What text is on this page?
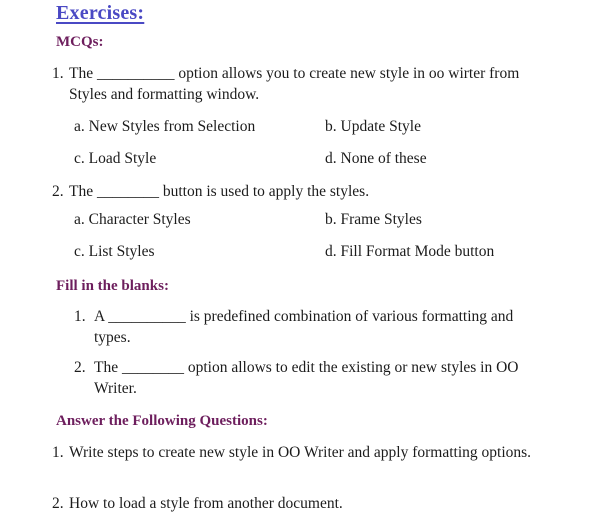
Exercises:
MCQs:
1. The __________ option allows you to create new style in oo wirter from Styles and formatting window.
a. New Styles from Selection	b. Update Style
c. Load Style	d. None of these
2. The ________ button is used to apply the styles.
a. Character Styles	b. Frame Styles
c. List Styles	d. Fill Format Mode button
Fill in the blanks:
1. A __________ is predefined combination of various formatting and types.
2. The ________ option allows to edit the existing or new styles in OO Writer.
Answer the Following Questions:
1. Write steps to create new style in OO Writer and apply formatting options.
2. How to load a style from another document.
